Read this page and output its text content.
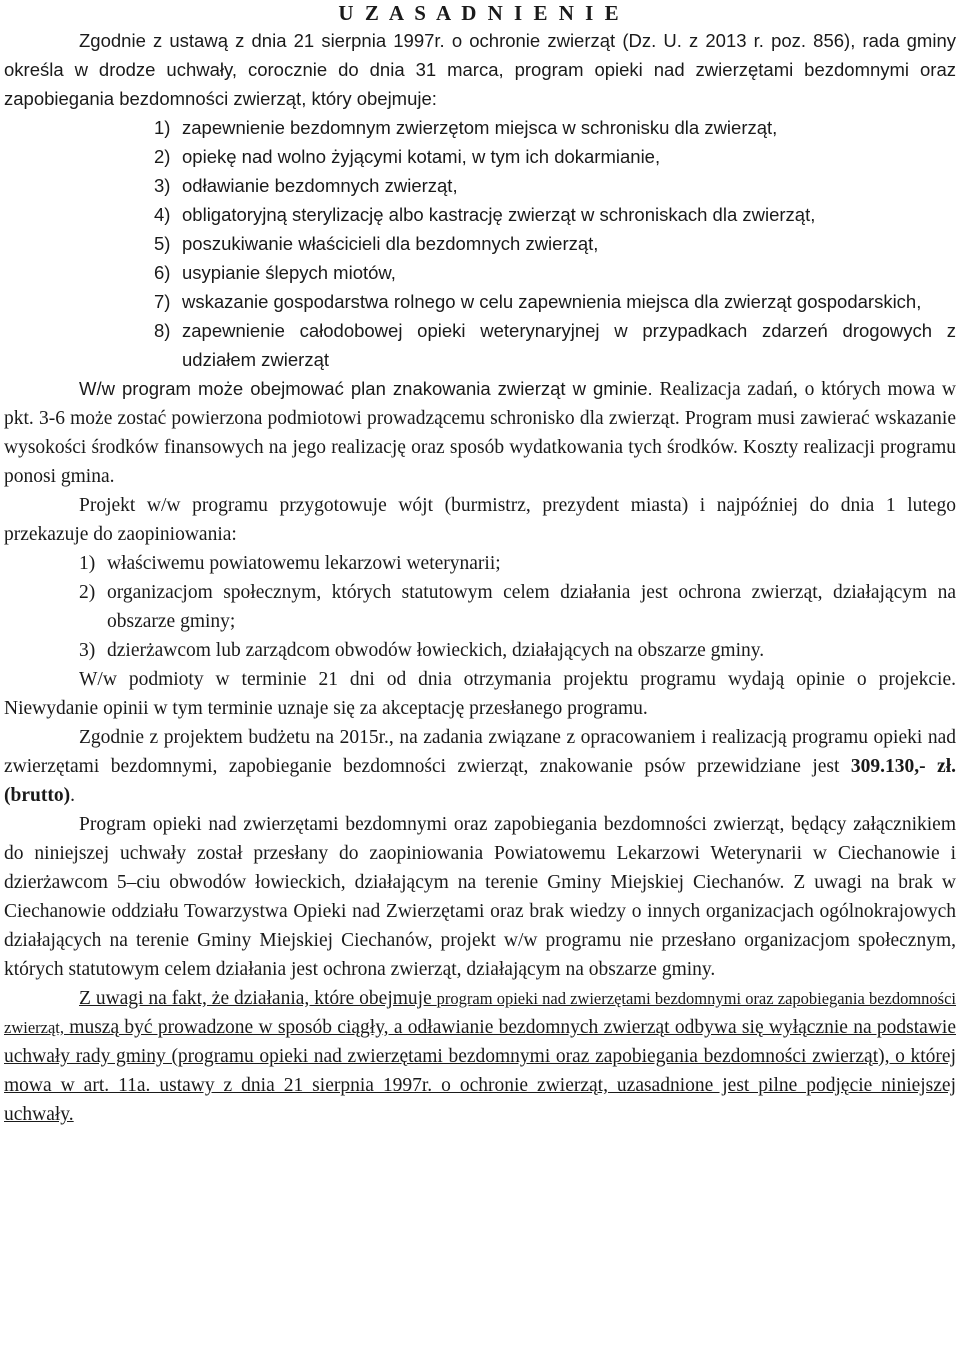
U Z A S A D N I E N I E

Zgodnie z ustawą z dnia 21 sierpnia 1997r. o ochronie zwierząt (Dz. U. z 2013 r. poz. 856), rada gminy określa w drodze uchwały, corocznie do dnia 31 marca, program opieki nad zwierzętami bezdomnymi oraz zapobiegania bezdomności zwierząt, który obejmuje:

1) zapewnienie bezdomnym zwierzętom miejsca w schronisku dla zwierząt,

2) opiekę nad wolno żyjącymi kotami, w tym ich dokarmianie,

3) odławianie bezdomnych zwierząt,

4) obligatoryjną sterylizację albo kastrację zwierząt w schroniskach dla zwierząt,

5) poszukiwanie właścicieli dla bezdomnych zwierząt,

6) usypianie ślepych miotów,

7) wskazanie gospodarstwa rolnego w celu zapewnienia miejsca dla zwierząt gospodarskich,

8) zapewnienie całodobowej opieki weterynaryjnej w przypadkach zdarzeń drogowych z udziałem zwierząt

W/w program może obejmować plan znakowania zwierząt w gminie. Realizacja zadań, o których mowa w pkt. 3-6 może zostać powierzona podmiotowi prowadzącemu schronisko dla zwierząt. Program musi zawierać wskazanie wysokości środków finansowych na jego realizację oraz sposób wydatkowania tych środków. Koszty realizacji programu ponosi gmina.

Projekt w/w programu przygotowuje wójt (burmistrz, prezydent miasta) i najpóźniej do dnia 1 lutego przekazuje do zaopiniowania:

1) właściwemu powiatowemu lekarzowi weterynarii;

2) organizacjom społecznym, których statutowym celem działania jest ochrona zwierząt, działającym na obszarze gminy;

3) dzierżawcom lub zarządcom obwodów łowieckich, działających na obszarze gminy.

W/w podmioty w terminie 21 dni od dnia otrzymania projektu programu wydają opinie o projekcie. Niewydanie opinii w tym terminie uznaje się za akceptację przesłanego programu.

Zgodnie z projektem budżetu na 2015r., na zadania związane z opracowaniem i realizacją programu opieki nad zwierzętami bezdomnymi, zapobieganie bezdomności zwierząt, znakowanie psów przewidziane jest 309.130,- zł. (brutto).

Program opieki nad zwierzętami bezdomnymi oraz zapobiegania bezdomności zwierząt, będący załącznikiem do niniejszej uchwały został przesłany do zaopiniowania Powiatowemu Lekarzowi Weterynarii w Ciechanowie i dzierżawcom 5–ciu obwodów łowieckich, działającym na terenie Gminy Miejskiej Ciechanów. Z uwagi na brak w Ciechanowie oddziału Towarzystwa Opieki nad Zwierzętami oraz brak wiedzy o innych organizacjach ogólnokrajowych działających na terenie Gminy Miejskiej Ciechanów, projekt w/w programu nie przesłano organizacjom społecznym, których statutowym celem działania jest ochrona zwierząt, działającym na obszarze gminy.

Z uwagi na fakt, że działania, które obejmuje program opieki nad zwierzętami bezdomnymi oraz zapobiegania bezdomności zwierząt, muszą być prowadzone w sposób ciągły, a odławianie bezdomnych zwierząt odbywa się wyłącznie na podstawie uchwały rady gminy (programu opieki nad zwierzętami bezdomnymi oraz zapobiegania bezdomności zwierząt), o której mowa w art. 11a. ustawy z dnia 21 sierpnia 1997r. o ochronie zwierząt, uzasadnione jest pilne podjęcie niniejszej uchwały.
